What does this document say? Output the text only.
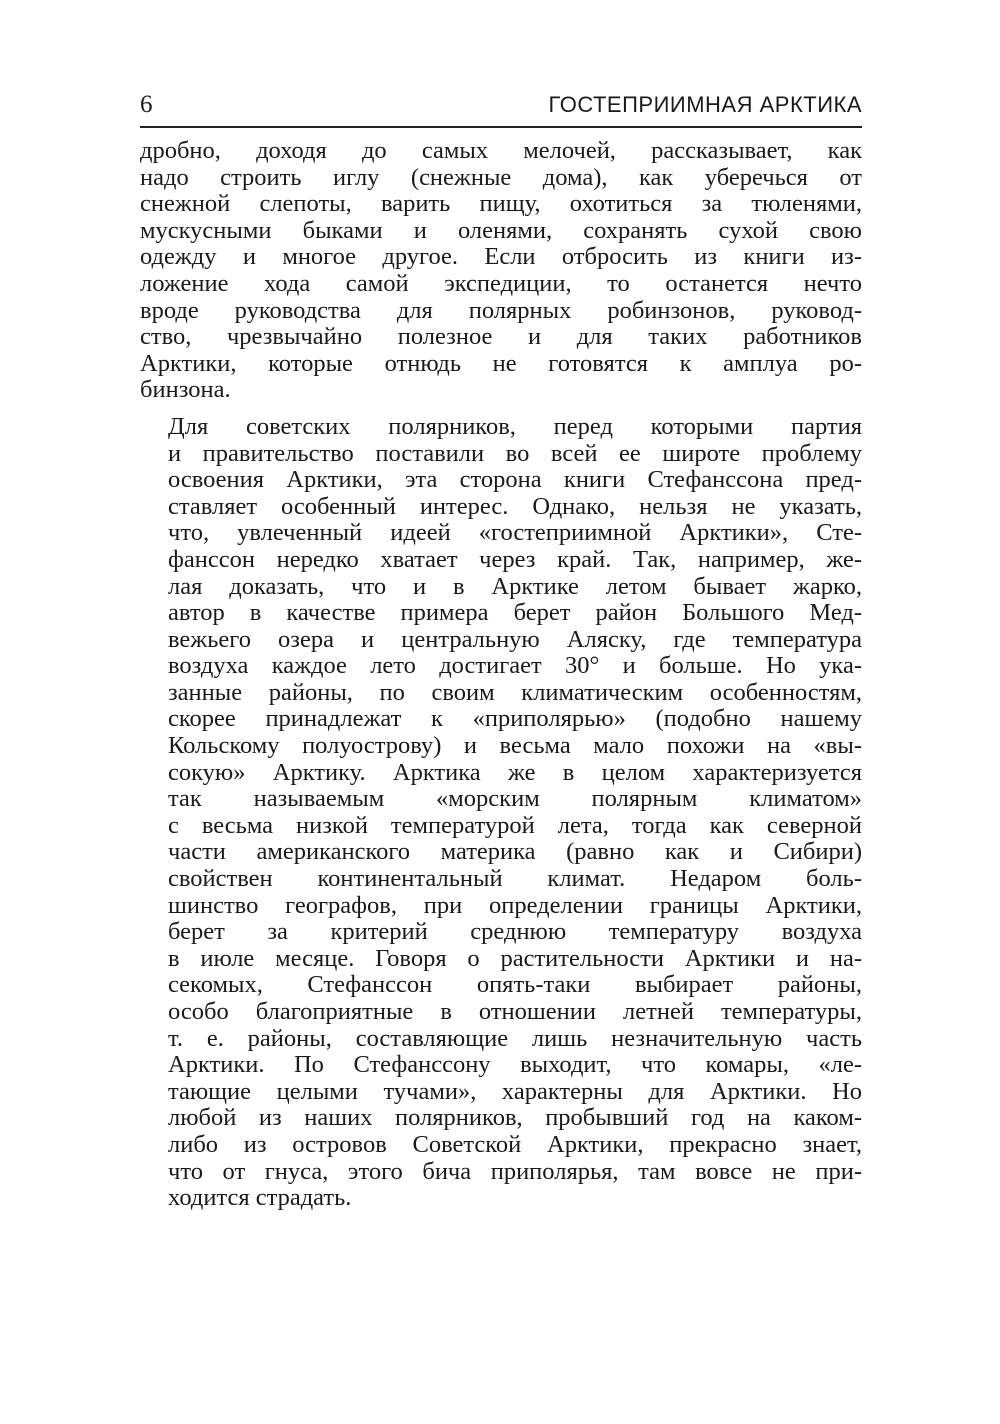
6	ГОСТЕПРИИМНАЯ АРКТИКА

дробно, доходя до самых мелочей, рассказывает, как
надо строить иглу (снежные дома), как уберечься от
снежной слепоты, варить пищу, охотиться за тюленями,
мускусными быками и оленями, сохранять сухой свою
одежду и многое другое. Если отбросить из книги из-
ложение хода самой экспедиции, то останется нечто
вроде руководства для полярных робинзонов, руковод-
ство, чрезвычайно полезное и для таких работников
Арктики, которые отнюдь не готовятся к амплуа ро-
бинзона.

Для советских полярников, перед которыми партия
и правительство поставили во всей ее широте проблему
освоения Арктики, эта сторона книги Стефанссона пред-
ставляет особенный интерес. Однако, нельзя не указать,
что, увлеченный идеей «гостеприимной Арктики», Сте-
фанссон нередко хватает через край. Так, например, же-
лая доказать, что и в Арктике летом бывает жарко,
автор в качестве примера берет район Большого Мед-
вежьего озера и центральную Аляску, где температура
воздуха каждое лето достигает 30° и больше. Но ука-
занные районы, по своим климатическим особенностям,
скорее принадлежат к «приполярью» (подобно нашему
Кольскому полуострову) и весьма мало похожи на «вы-
сокую» Арктику. Арктика же в целом характеризуется
так называемым «морским полярным климатом»
с весьма низкой температурой лета, тогда как северной
части американского материка (равно как и Сибири)
свойствен континентальный климат. Недаром боль-
шинство географов, при определении границы Арктики,
берет за критерий среднюю температуру воздуха
в июле месяце. Говоря о растительности Арктики и на-
секомых, Стефанссон опять-таки выбирает районы,
особо благоприятные в отношении летней температуры,
т. е. районы, составляющие лишь незначительную часть
Арктики. По Стефанссону выходит, что комары, «ле-
тающие целыми тучами», характерны для Арктики. Но
любой из наших полярников, пробывший год на каком-
либо из островов Советской Арктики, прекрасно знает,
что от гнуса, этого бича приполярья, там вовсе не при-
ходится страдать.
